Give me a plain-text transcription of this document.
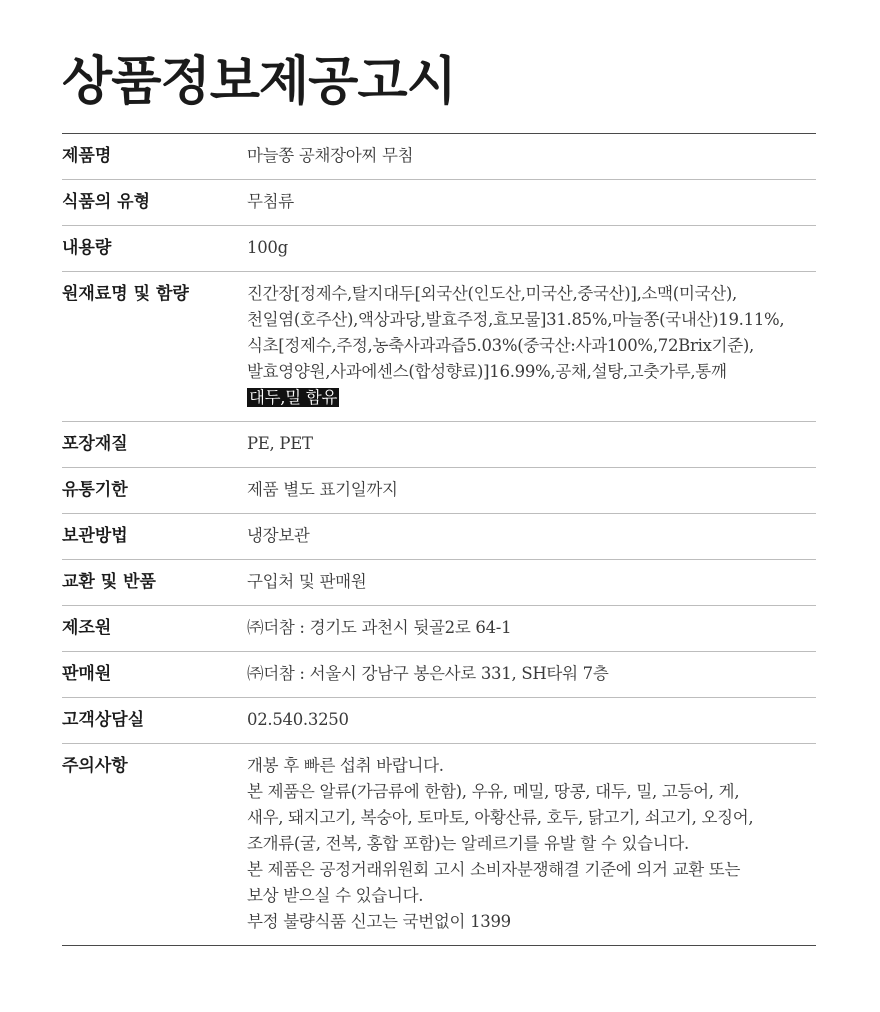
상품정보제공고시
제품명	마늘쫑 공채장아찌 무침
식품의 유형	무침류
내용량	100g
원재료명 및 함량	진간장[정제수,탈지대두[외국산(인도산,미국산,중국산)],소맥(미국산),
천일염(호주산),액상과당,발효주정,효모물]31.85%,마늘쫑(국내산)19.11%,
식초[정제수,주정,농축사과과즙5.03%(중국산:사과100%,72Brix기준),
발효영양원,사과에센스(합성향료)]16.99%,공채,설탕,고춧가루,통깨
대두,밀 함유
포장재질	PE, PET
유통기한	제품 별도 표기일까지
보관방법	냉장보관
교환 및 반품	구입처 및 판매원
제조원	㈜더참 : 경기도 과천시 뒷골2로 64-1
판매원	㈜더참 : 서울시 강남구 봉은사로 331, SH타워 7층
고객상담실	02.540.3250
주의사항	개봉 후 빠른 섭취 바랍니다.
본 제품은 알류(가금류에 한함), 우유, 메밀, 땅콩, 대두, 밀, 고등어, 게,
새우, 돼지고기, 복숭아, 토마토, 아황산류, 호두, 닭고기, 쇠고기, 오징어,
조개류(굴, 전복, 홍합 포함)는 알레르기를 유발 할 수 있습니다.
본 제품은 공정거래위원회 고시 소비자분쟁해결 기준에 의거 교환 또는
보상 받으실 수 있습니다.
부정 불량식품 신고는 국번없이 1399
